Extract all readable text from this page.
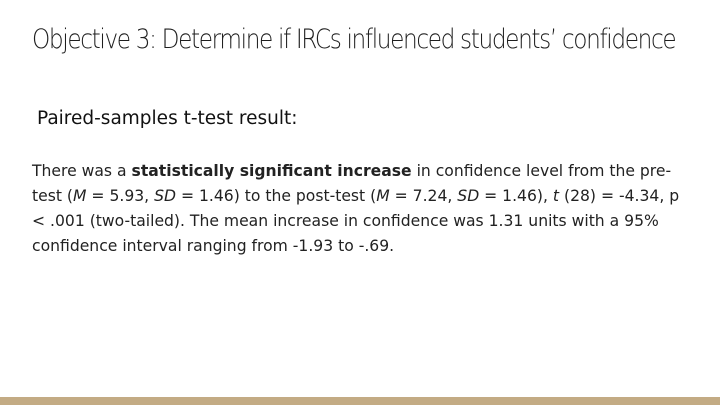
Objective 3: Determine if IRCs influenced students’ confidence

Paired-samples t-test result:

There was a statistically significant increase in confidence level from the pre-test (M = 5.93, SD = 1.46) to the post-test (M = 7.24, SD = 1.46), t (28) = -4.34, p < .001 (two-tailed). The mean increase in confidence was 1.31 units with a 95% confidence interval ranging from -1.93 to -.69.
